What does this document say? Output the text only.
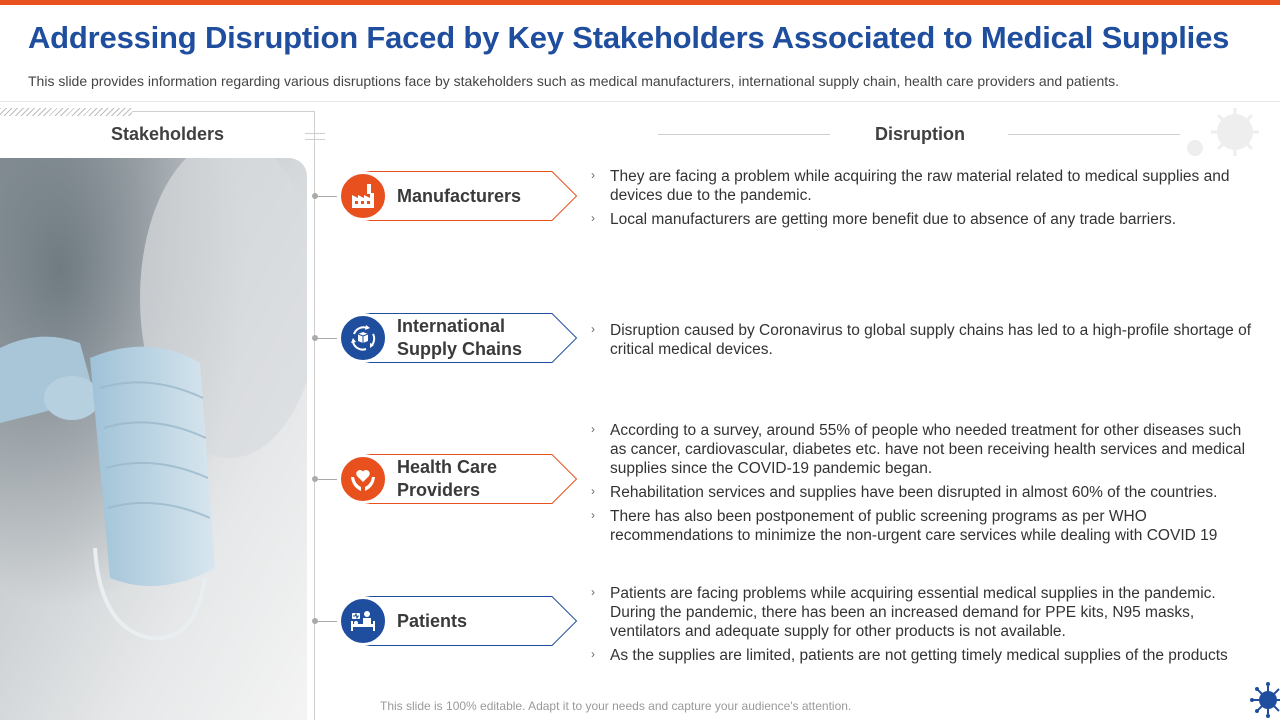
Addressing Disruption Faced by Key Stakeholders Associated to Medical Supplies

This slide provides information regarding various disruptions face by stakeholders such as medical manufacturers, international supply chain, health care providers and patients.

Stakeholders	Disruption
Manufacturers
› They are facing a problem while acquiring the raw material related to medical supplies and devices due to the pandemic.
› Local manufacturers are getting more benefit due to absence of any trade barriers.
International Supply Chains
› Disruption caused by Coronavirus to global supply chains has led to a high-profile shortage of critical medical devices.
Health Care Providers
› According to a survey, around 55% of people who needed treatment for other diseases such as cancer, cardiovascular, diabetes etc. have not been receiving health services and medical supplies since the COVID-19 pandemic began.
› Rehabilitation services and supplies have been disrupted in almost 60% of the countries.
› There has also been postponement of public screening programs as per WHO recommendations to minimize the non-urgent care services while dealing with COVID 19
Patients
› Patients are facing problems while acquiring essential medical supplies in the pandemic. During the pandemic, there has been an increased demand for PPE kits, N95 masks, ventilators and adequate supply for other products is not available.
› As the supplies are limited, patients are not getting timely medical supplies of the products
This slide is 100% editable. Adapt it to your needs and capture your audience's attention.
